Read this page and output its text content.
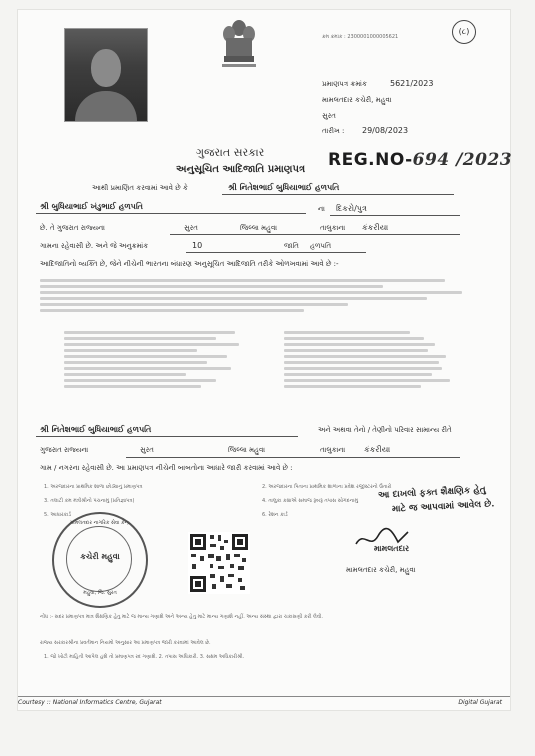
(૮)
ક્રમ ક્રમાંક : 2300001000005621
પ્રમાણપત્ર ક્રમાંક	5621/2023
મામલતદાર કચેરી, મહુવા
સુરત
તારીખ : 29/08/2023
ગુજરાત સરકાર
અનુસૂચિત આદિજાતિ પ્રમાણપત્ર REG.NO-694 /2023
આથી પ્રમાણિત કરવામાં આવે છે કે	શ્રી નિતેશભાઈ બુધિયાભાઈ હળપતિ
શ્રી બુધિયાભાઈ ખંડુભાઈ હળપતિ	ના દિકરો/પુત્ર
છે. તે ગુજરાત રાજ્યના	સુરત	જિલ્લા મહુવા	તાલુકાના કંકરીયા
ગામના રહેવાસી છે. અને જે અનુક્રમાંક	10	જાતિ હળપતિ
આદિજાતિનો વ્યક્તિ છે, જેને નીચેની ભારતના બંધારણ અનુસૂચિત આદિજાતિ તરીકે ઓળખવામાં આવે છે :-
શ્રી નિતેશભાઈ બુધિયાભાઈ હળપતિ	અને અથવા તેનો / તેણીનો પરિવાર સામાન્ય રીતે
ગુજરાત રાજ્યના	સુરત	જિલ્લા મહુવા	તાલુકાના કંકરીયા
ગામ / નગરના રહેવાસી છે. આ પ્રમાણપત્ર નીચેની બાબતોના આધારે જારી કરવામાં આવે છે :
1. અરજદારના પ્રાથમિક શાળા છોડ્યાનું પ્રમાણપત્ર	2. અરજદારના પિતાના પ્રાથમિક શાળાના પ્રવેશ રજીસ્ટરનો ઉતારો
3. તલાટી કમ મંત્રીશ્રીનો પંચનામું (પ્રતિજ્ઞાપત્ર)	4. તાલુકા કક્ષાએ સમાજ રૂબરૂ તપાસ સોગંદનામું
5. આધારકાર્ડ	6. રેશન કાર્ડ
આ દાખલો ફક્ત શૈક્ષણિક હેતુ
માટે જ આપવામાં આવેલ છે.
મામલતદાર નાગરિક સેવા કેન્દ્ર
કચેરી મહુવા
મહુવા, જિ. સુરત
મામલતદાર
મામલતદાર કચેરી, મહુવા
નોંધ :- સદર પ્રમાણપત્ર માત્ર શૈક્ષણિક હેતુ માટે જ માન્ય ગણાશે અને અન્ય હેતુ માટે માન્ય ગણાશે નહીં. અન્ય સંસ્થા દ્વારા ચકાસણી કરી લેવી.
રાજ્ય સરકારશ્રીના પ્રવર્તમાન નિયમો અનુસાર આ પ્રમાણપત્ર જારી કરવામાં આવેલ છે.
1. જો ખોટી માહિતી આપેલ હશે તો પ્રમાણપત્ર રદ ગણાશે. 2. તપાસ અધિકારી. 3. સક્ષમ અધિકારીશ્રી.
Courtesy :: National Informatics Centre, Gujarat	Digital Gujarat
